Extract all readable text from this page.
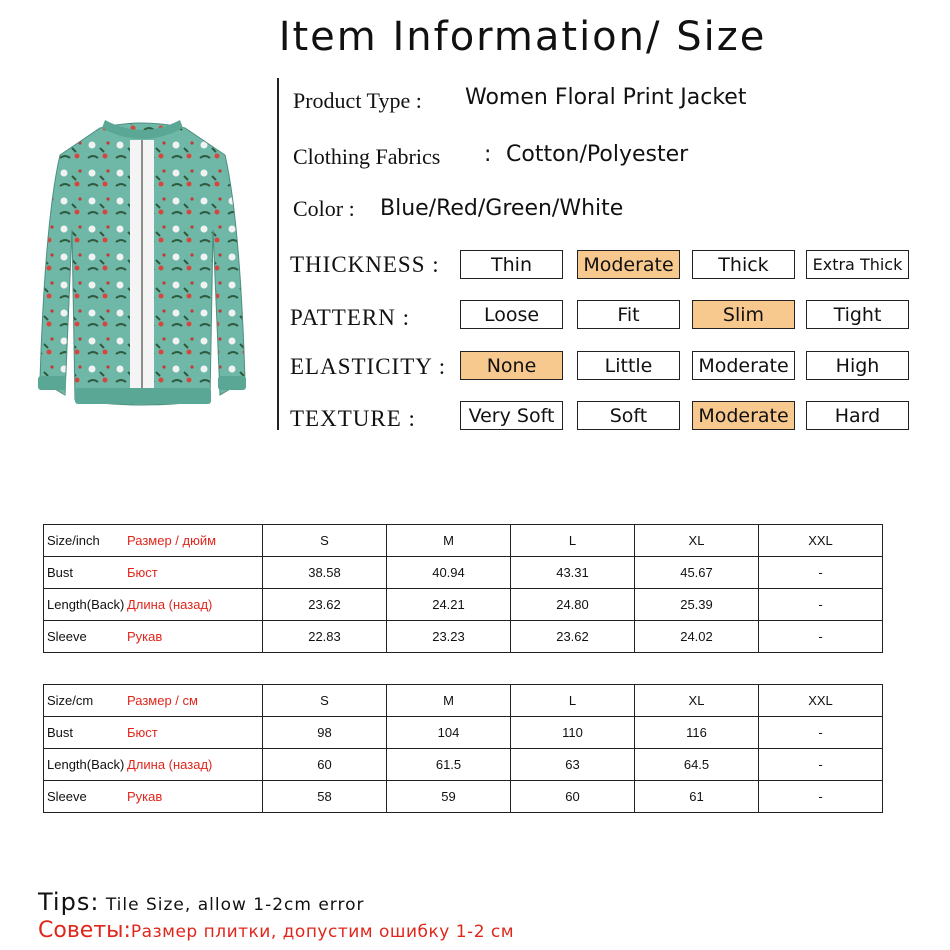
Item Information/ Size
Product Type : Women Floral Print Jacket
Clothing Fabrics : Cotton/Polyester
Color : Blue/Red/Green/White
THICKNESS :	Thin	Moderate	Thick	Extra Thick
PATTERN :	Loose	Fit	Slim	Tight
ELASTICITY :	None	Little	Moderate	High
TEXTURE :	Very Soft	Soft	Moderate	Hard
Size/inch Размер / дюйм	S	M	L	XL	XXL
Bust Бюст	38.58	40.94	43.31	45.67	-
Length(Back) Длина (назад)	23.62	24.21	24.80	25.39	-
Sleeve Рукав	22.83	23.23	23.62	24.02	-
Size/cm Размер / см	S	M	L	XL	XXL
Bust Бюст	98	104	110	116	-
Length(Back) Длина (назад)	60	61.5	63	64.5	-
Sleeve Рукав	58	59	60	61	-
Tips: Tile Size, allow 1-2cm error
Советы:Размер плитки, допустим ошибку 1-2 см
